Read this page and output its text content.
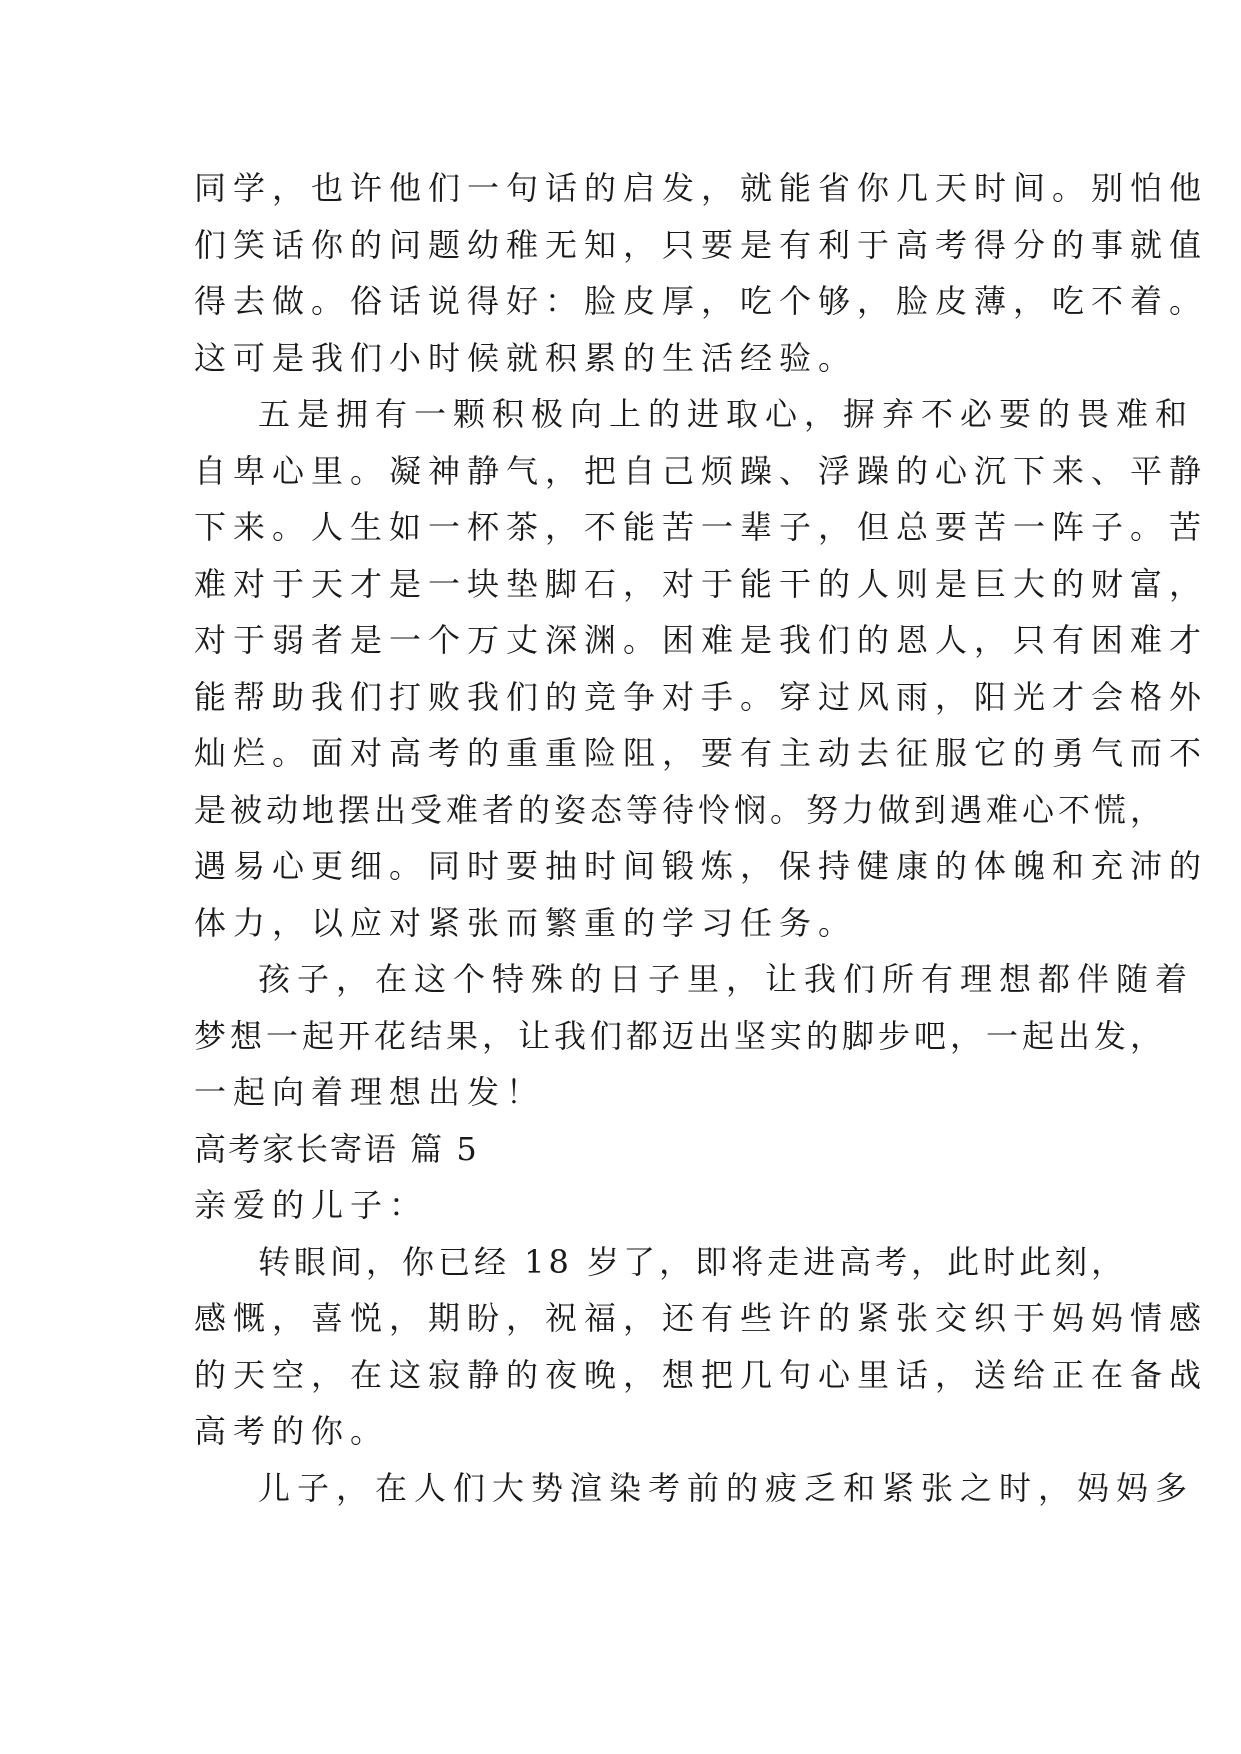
同学，也许他们一句话的启发，就能省你几天时间。别怕他
们笑话你的问题幼稚无知，只要是有利于高考得分的事就值
得去做。俗话说得好：脸皮厚，吃个够，脸皮薄，吃不着。
这可是我们小时候就积累的生活经验。
五是拥有一颗积极向上的进取心，摒弃不必要的畏难和
自卑心里。凝神静气，把自己烦躁、浮躁的心沉下来、平静
下来。人生如一杯茶，不能苦一辈子，但总要苦一阵子。苦
难对于天才是一块垫脚石，对于能干的人则是巨大的财富，
对于弱者是一个万丈深渊。困难是我们的恩人，只有困难才
能帮助我们打败我们的竞争对手。穿过风雨，阳光才会格外
灿烂。面对高考的重重险阻，要有主动去征服它的勇气而不
是被动地摆出受难者的姿态等待怜悯。努力做到遇难心不慌，
遇易心更细。同时要抽时间锻炼，保持健康的体魄和充沛的
体力，以应对紧张而繁重的学习任务。
孩子，在这个特殊的日子里，让我们所有理想都伴随着
梦想一起开花结果，让我们都迈出坚实的脚步吧，一起出发，
一起向着理想出发！
高考家长寄语 篇 5
亲爱的儿子：
转眼间，你已经 18 岁了，即将走进高考，此时此刻，
感慨，喜悦，期盼，祝福，还有些许的紧张交织于妈妈情感
的天空，在这寂静的夜晚，想把几句心里话，送给正在备战
高考的你。
儿子，在人们大势渲染考前的疲乏和紧张之时，妈妈多
